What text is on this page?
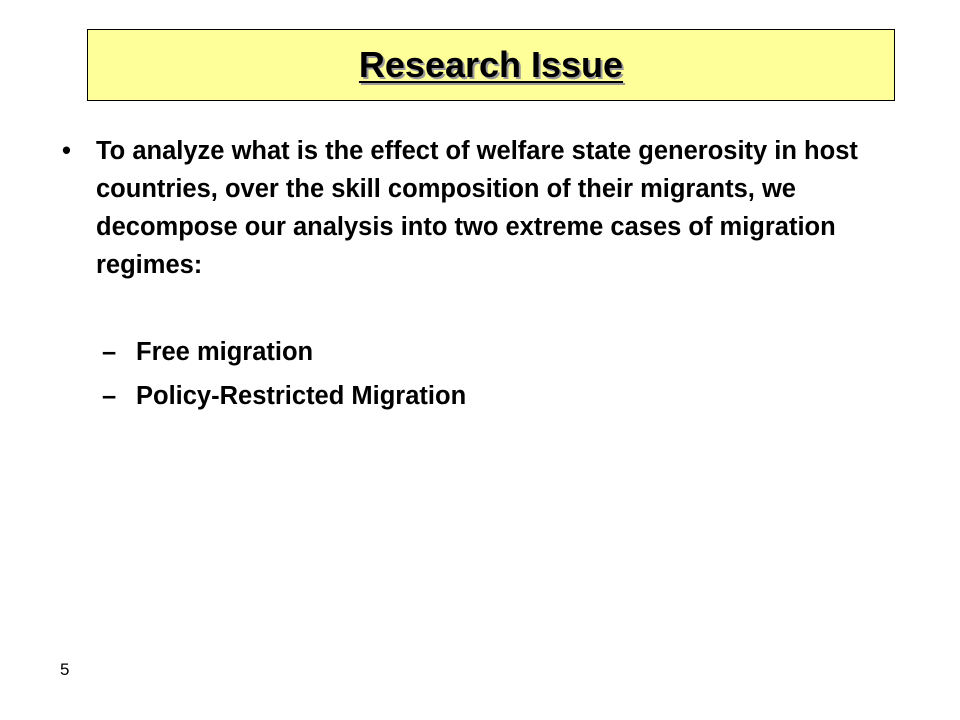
Research Issue
• To analyze what is the effect of welfare state generosity in host countries, over the skill composition of their migrants, we decompose our analysis into two extreme cases of migration regimes:
– Free migration
– Policy-Restricted Migration
5
